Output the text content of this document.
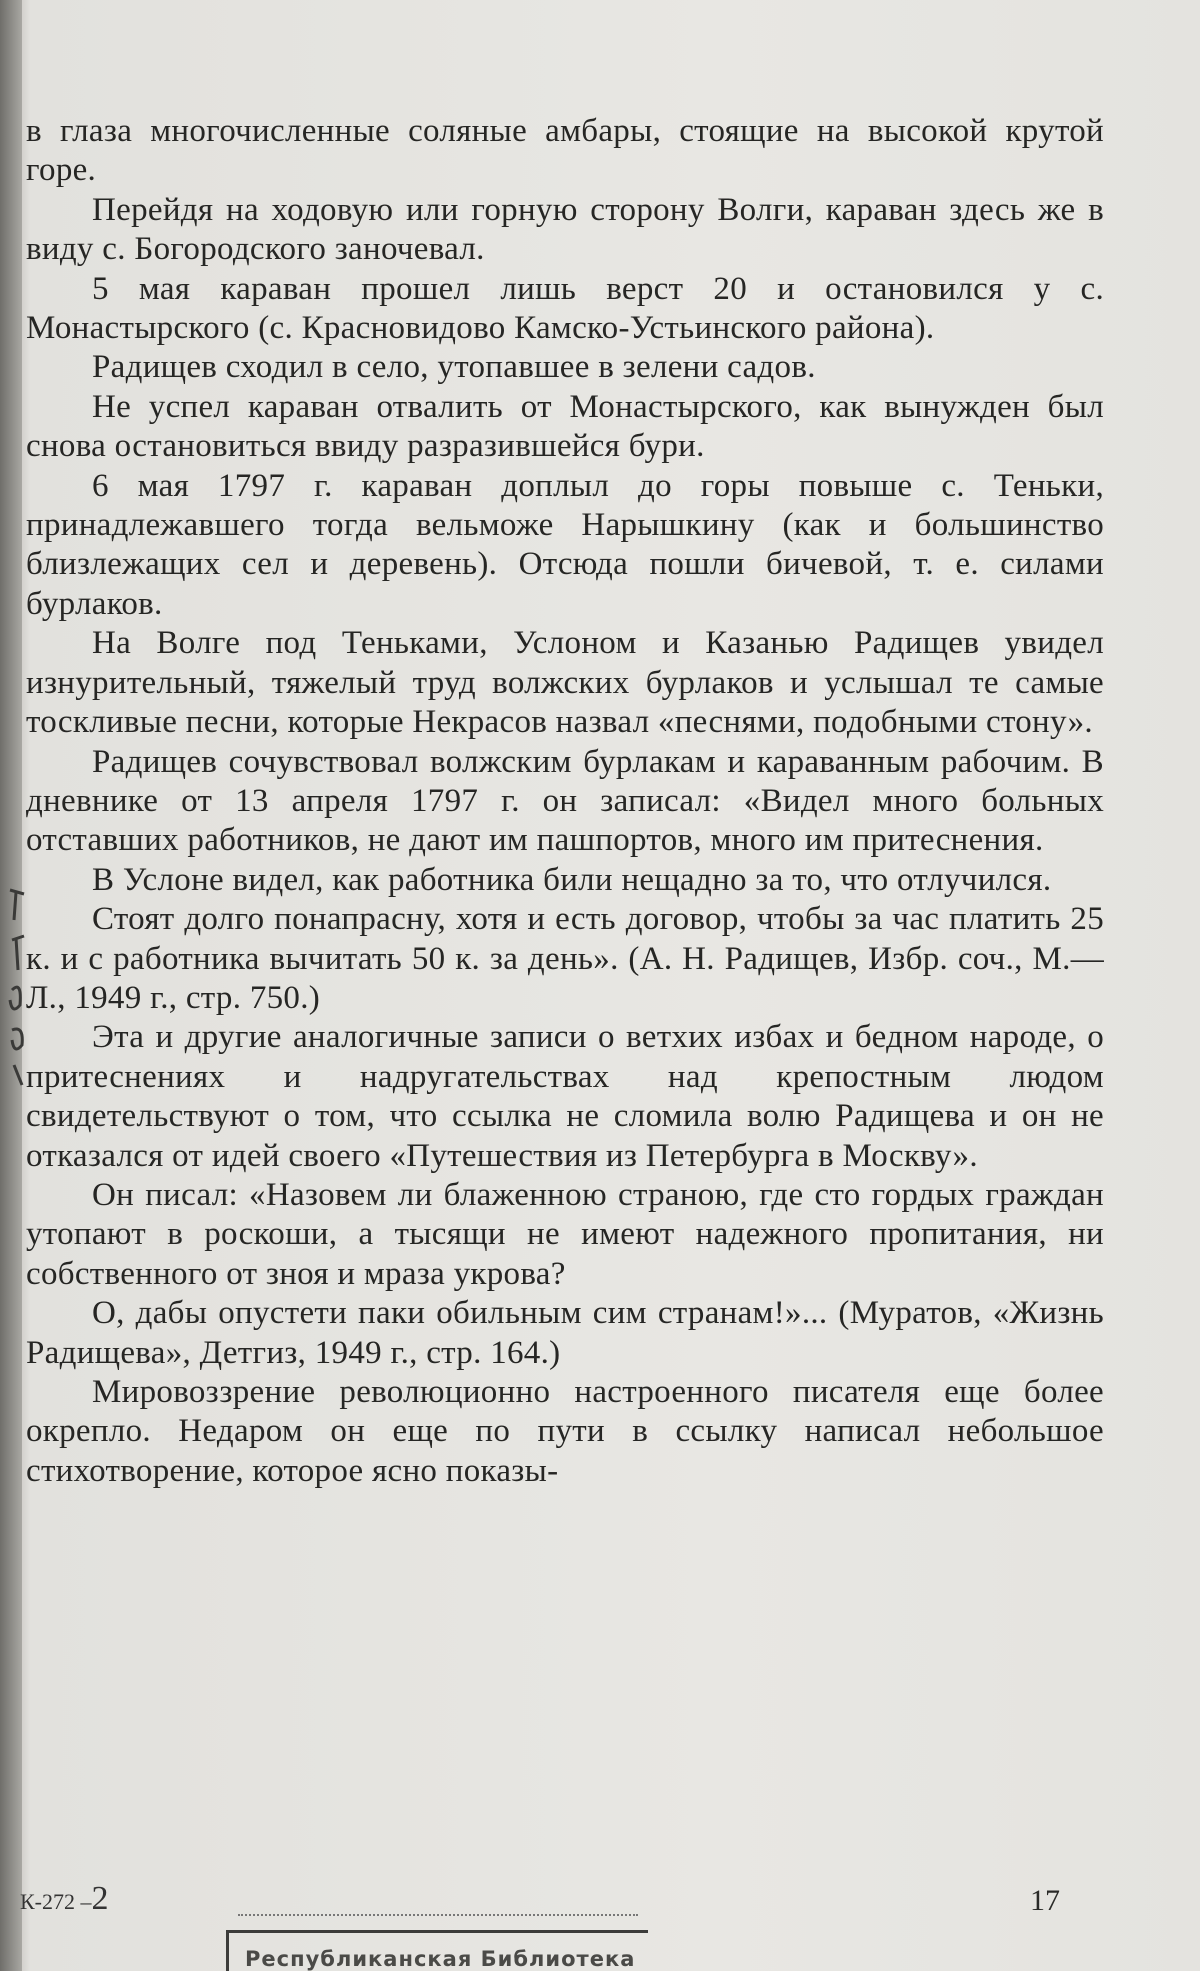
в глаза многочисленные соляные амбары, стоящие на высокой крутой горе.

Перейдя на ходовую или горную сторону Волги, караван здесь же в виду с. Богородского заночевал.

5 мая караван прошел лишь верст 20 и остановился у с. Монастырского (с. Красновидово Камско-Устьинского района).

Радищев сходил в село, утопавшее в зелени садов.

Не успел караван отвалить от Монастырского, как вынужден был снова остановиться ввиду разразившейся бури.

6 мая 1797 г. караван доплыл до горы повыше с. Теньки, принадлежавшего тогда вельможе Нарышкину (как и большинство близлежащих сел и деревень). Отсюда пошли бичевой, т. е. силами бурлаков.

На Волге под Теньками, Услоном и Казанью Радищев увидел изнурительный, тяжелый труд волжских бурлаков и услышал те самые тоскливые песни, которые Некрасов назвал «песнями, подобными стону».

Радищев сочувствовал волжским бурлакам и караванным рабочим. В дневнике от 13 апреля 1797 г. он записал: «Видел много больных отставших работников, не дают им пашпортов, много им притеснения.

В Услоне видел, как работника били нещадно за то, что отлучился.

Стоят долго понапрасну, хотя и есть договор, чтобы за час платить 25 к. и с работника вычитать 50 к. за день». (А. Н. Радищев, Избр. соч., М.—Л., 1949 г., стр. 750.)

Эта и другие аналогичные записи о ветхих избах и бедном народе, о притеснениях и надругательствах над крепостным людом свидетельствуют о том, что ссылка не сломила волю Радищева и он не отказался от идей своего «Путешествия из Петербурга в Москву».

Он писал: «Назовем ли блаженною страною, где сто гордых граждан утопают в роскоши, а тысящи не имеют надежного пропитания, ни собственного от зноя и мраза укрова?

О, дабы опустети паки обильным сим странам!»... (Муратов, «Жизнь Радищева», Детгиз, 1949 г., стр. 164.)

Мировоззрение революционно настроенного писателя еще более окрепло. Недаром он еще по пути в ссылку написал небольшое стихотворение, которое ясно показы-

К-272 –2	17
Республиканская Библиотека
